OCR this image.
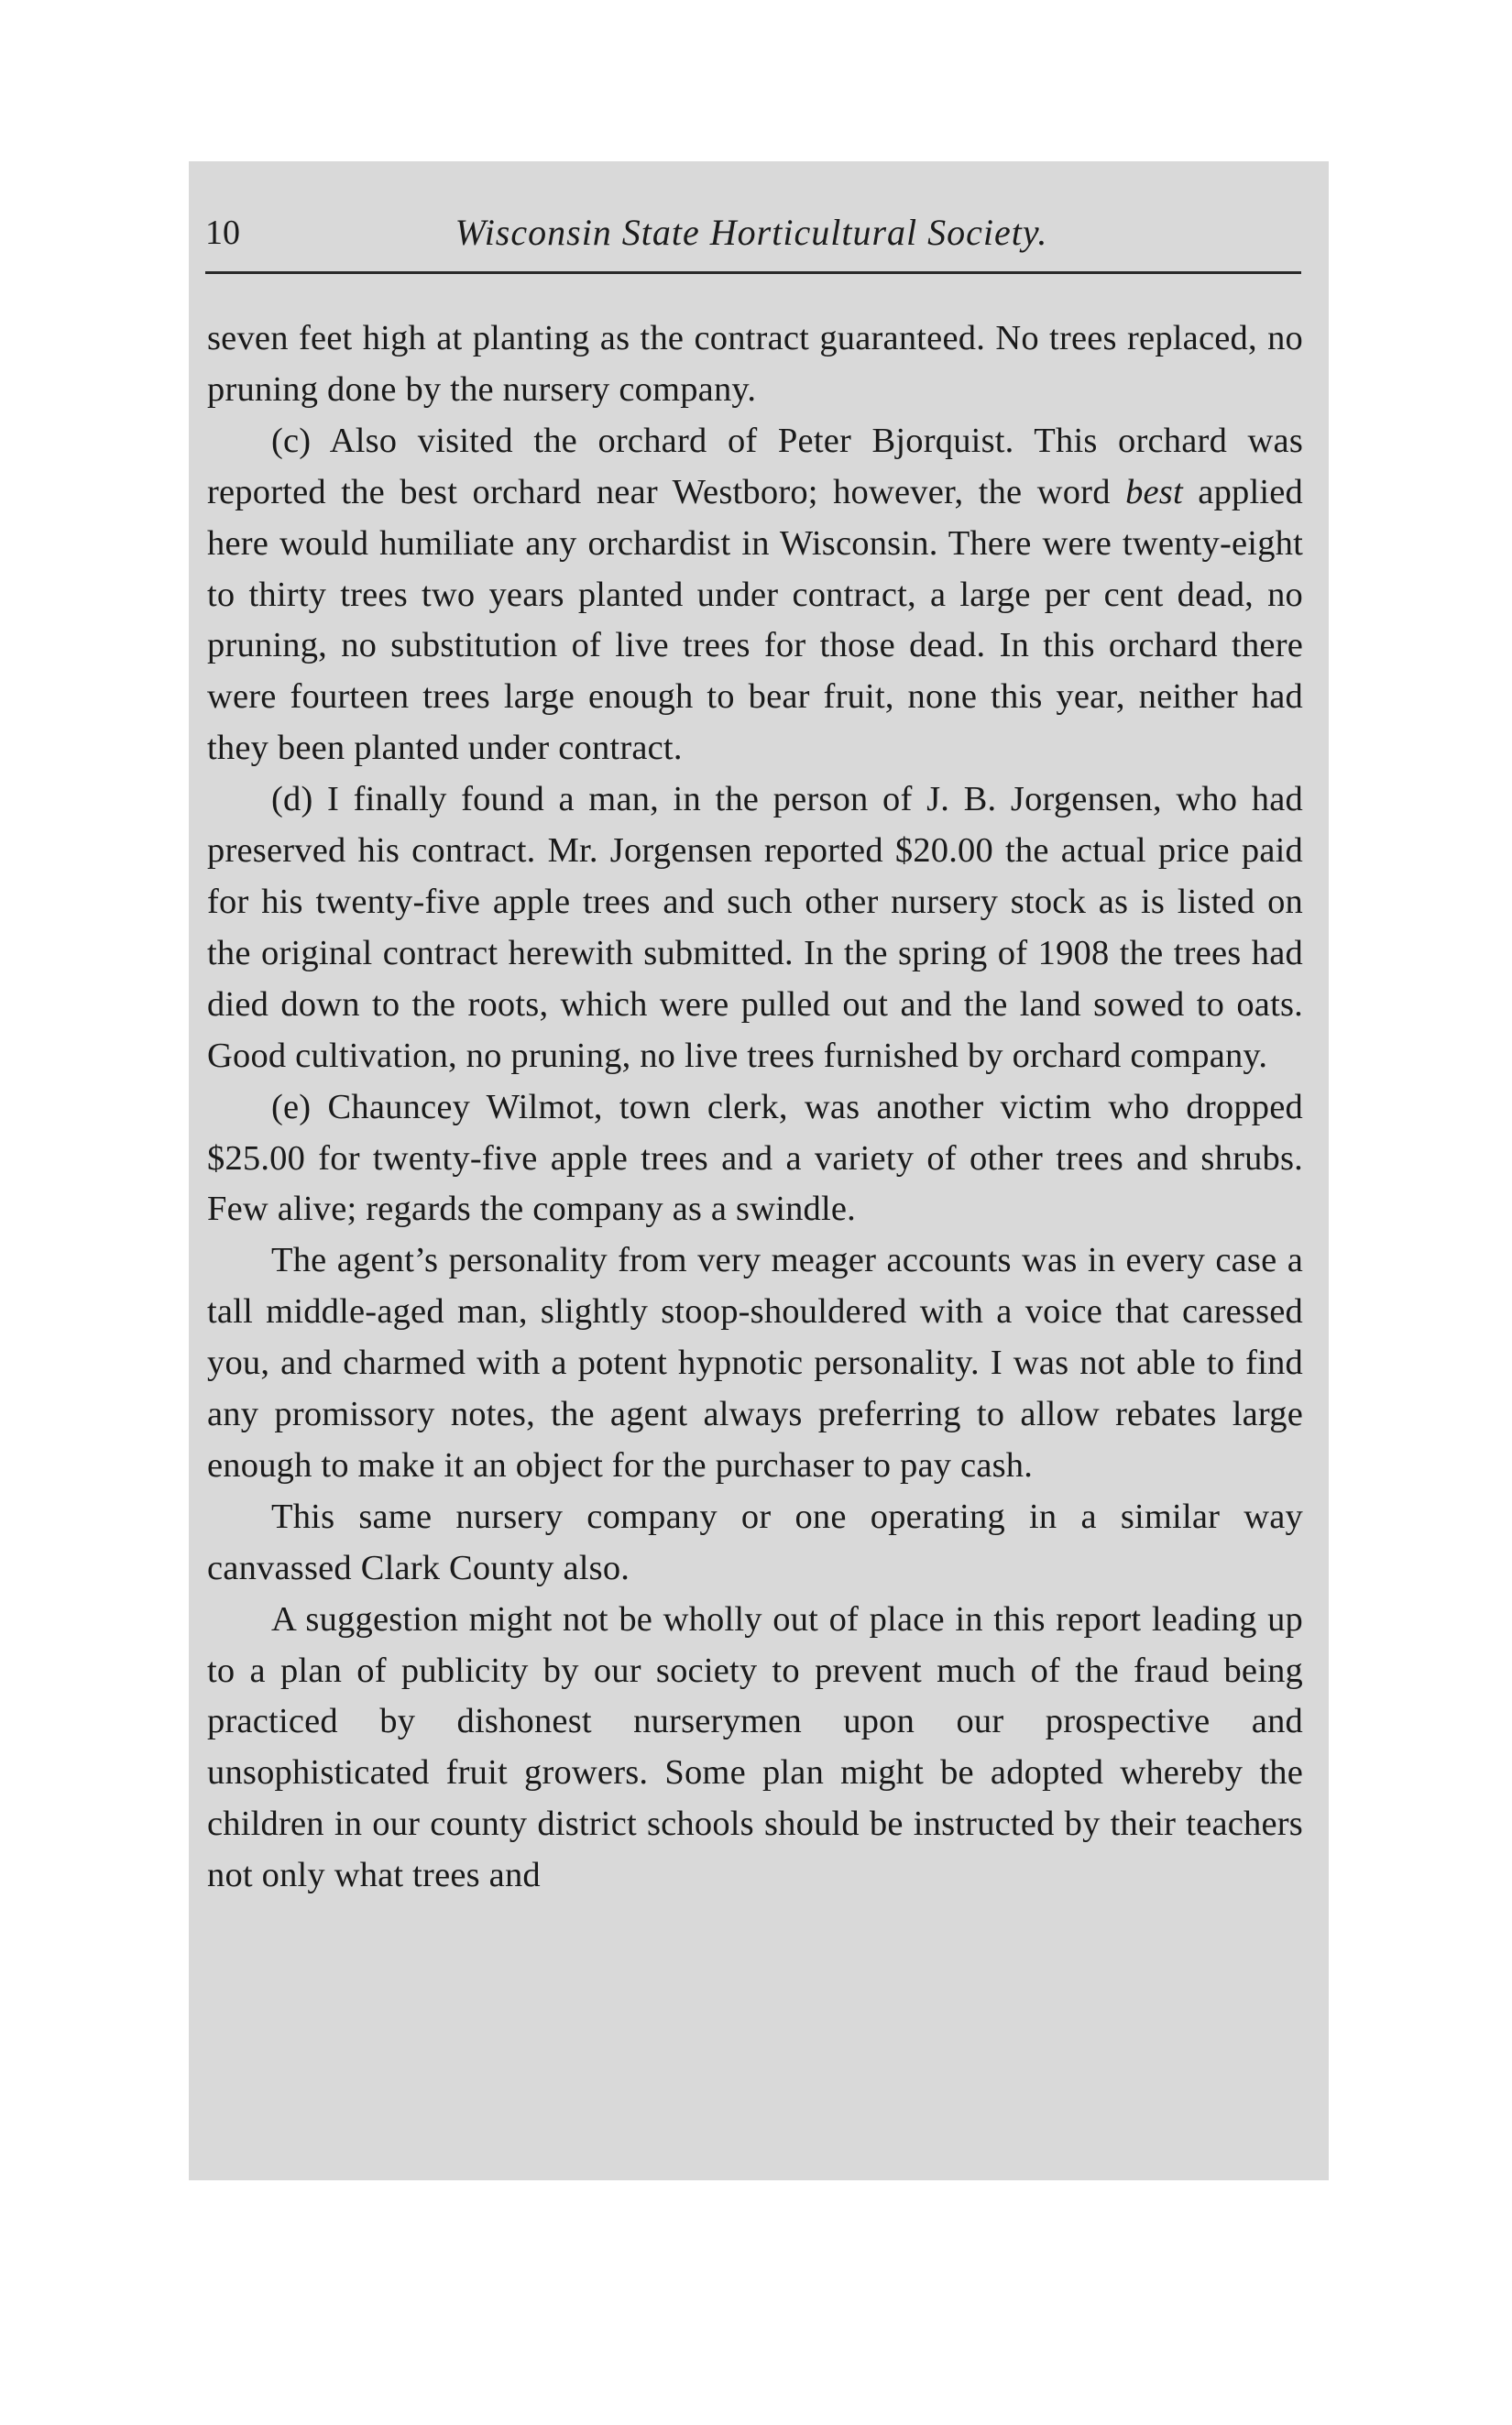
10	Wisconsin State Horticultural Society.

seven feet high at planting as the contract guaranteed. No trees replaced, no pruning done by the nursery company.

(c) Also visited the orchard of Peter Bjorquist. This orchard was reported the best orchard near Westboro; however, the word best applied here would humiliate any orchardist in Wisconsin. There were twenty-eight to thirty trees two years planted under contract, a large per cent dead, no pruning, no substitution of live trees for those dead. In this orchard there were fourteen trees large enough to bear fruit, none this year, neither had they been planted under contract.

(d) I finally found a man, in the person of J. B. Jorgensen, who had preserved his contract. Mr. Jorgensen reported $20.00 the actual price paid for his twenty-five apple trees and such other nursery stock as is listed on the original contract herewith submitted. In the spring of 1908 the trees had died down to the roots, which were pulled out and the land sowed to oats. Good cultivation, no pruning, no live trees furnished by orchard company.

(e) Chauncey Wilmot, town clerk, was another victim who dropped $25.00 for twenty-five apple trees and a variety of other trees and shrubs. Few alive; regards the company as a swindle.

The agent’s personality from very meager accounts was in every case a tall middle-aged man, slightly stoop-shouldered with a voice that caressed you, and charmed with a potent hypnotic personality. I was not able to find any promissory notes, the agent always preferring to allow rebates large enough to make it an object for the purchaser to pay cash.

This same nursery company or one operating in a similar way canvassed Clark County also.

A suggestion might not be wholly out of place in this report leading up to a plan of publicity by our society to prevent much of the fraud being practiced by dishonest nurserymen upon our prospective and unsophisticated fruit growers. Some plan might be adopted whereby the children in our county district schools should be instructed by their teachers not only what trees and
